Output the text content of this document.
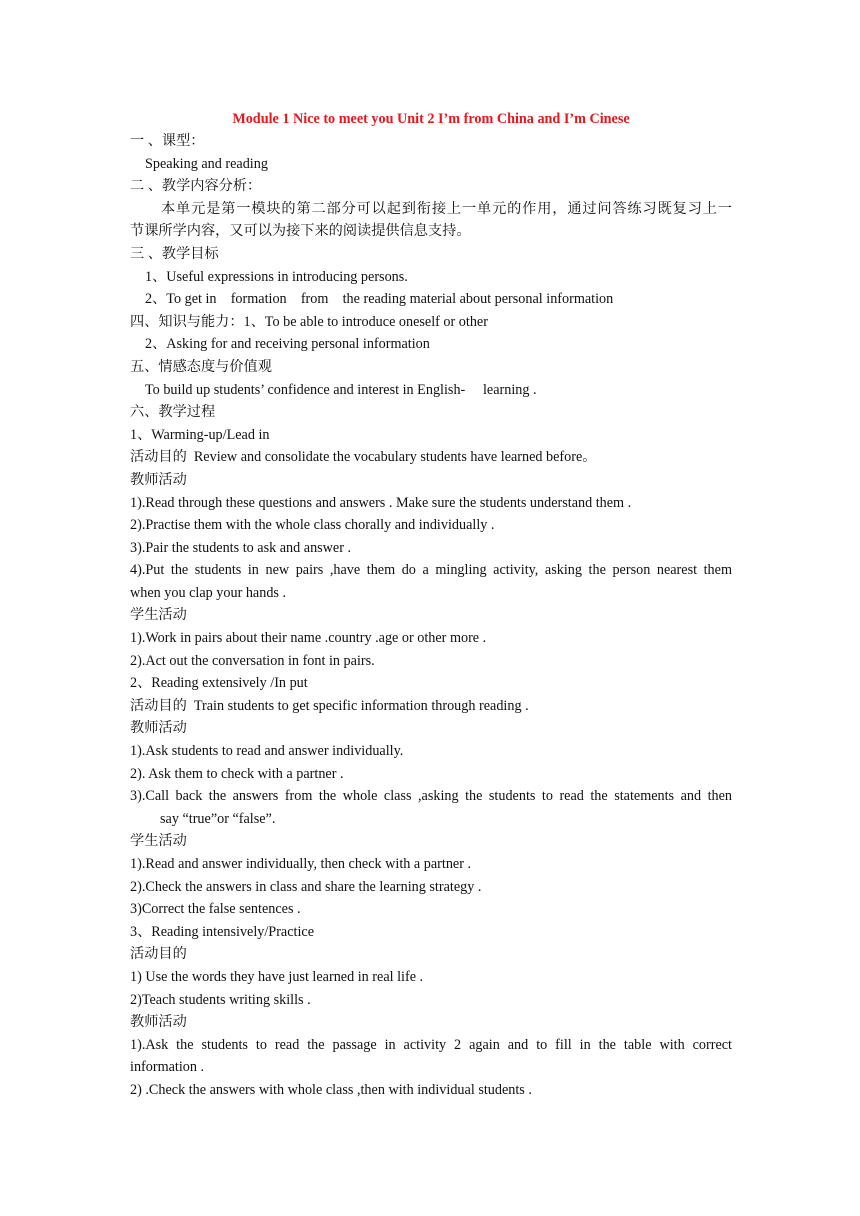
Module 1 Nice to meet you Unit 2 I’m from China and I’m Cinese
一 、课型：
Speaking and reading
二 、教学内容分析：
本单元是第一模块的第二部分可以起到衔接上一单元的作用，通过问答练习既复习上一
节课所学内容，又可以为接下来的阅读提供信息支持。
三 、教学目标
1、Useful expressions in introducing persons.
2、To get in    formation    from    the reading material about personal information
四、知识与能力：1、To be able to introduce oneself or other
2、Asking for and receiving personal information
五、情感态度与价值观
To build up students’ confidence and interest in English-     learning .
六、教学过程
1、Warming-up/Lead in
活动目的  Review and consolidate the vocabulary students have learned before。
教师活动
1).Read through these questions and answers . Make sure the students understand them .
2).Practise them with the whole class chorally and individually .
3).Pair the students to ask and answer .
4).Put the students in new pairs ,have them do a mingling activity, asking the person nearest them
when you clap your hands .
学生活动
1).Work in pairs about their name .country .age or other more .
2).Act out the conversation in font in pairs.
2、Reading extensively /In put
活动目的  Train students to get specific information through reading .
教师活动
1).Ask students to read and answer individually.
2). Ask them to check with a partner .
3).Call back the answers from the whole class ,asking the students to read the statements and then
say “true”or “false”.
学生活动
1).Read and answer individually, then check with a partner .
2).Check the answers in class and share the learning strategy .
3)Correct the false sentences .
3、Reading intensively/Practice
活动目的
1) Use the words they have just learned in real life .
2)Teach students writing skills .
教师活动
1).Ask the students to read the passage in activity 2 again and to fill in the table with correct
information .
2) .Check the answers with whole class ,then with individual students .
